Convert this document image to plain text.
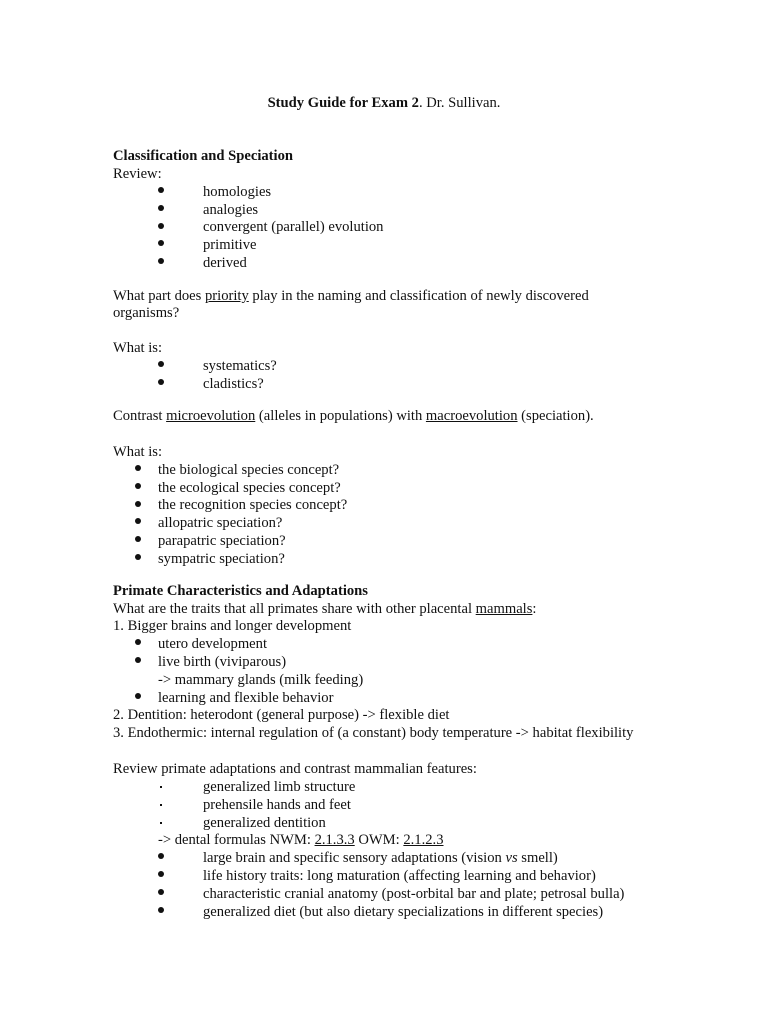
Study Guide for Exam 2. Dr. Sullivan.
Classification and Speciation
Review:
homologies
analogies
convergent (parallel) evolution
primitive
derived
What part does priority play in the naming and classification of newly discovered
organisms?
What is:
systematics?
cladistics?
Contrast microevolution (alleles in populations) with macroevolution (speciation).
What is:
the biological species concept?
the ecological species concept?
the recognition species concept?
allopatric speciation?
parapatric speciation?
sympatric speciation?
Primate Characteristics and Adaptations
What are the traits that all primates share with other placental mammals:
1. Bigger brains and longer development
utero development
live birth (viviparous)
-> mammary glands (milk feeding)
learning and flexible behavior
2. Dentition: heterodont (general purpose) -> flexible diet
3. Endothermic: internal regulation of (a constant) body temperature -> habitat flexibility
Review primate adaptations and contrast mammalian features:
generalized limb structure
prehensile hands and feet
generalized dentition
-> dental formulas NWM: 2.1.3.3 OWM: 2.1.2.3
large brain and specific sensory adaptations (vision vs smell)
life history traits: long maturation (affecting learning and behavior)
characteristic cranial anatomy (post-orbital bar and plate; petrosal bulla)
generalized diet (but also dietary specializations in different species)
